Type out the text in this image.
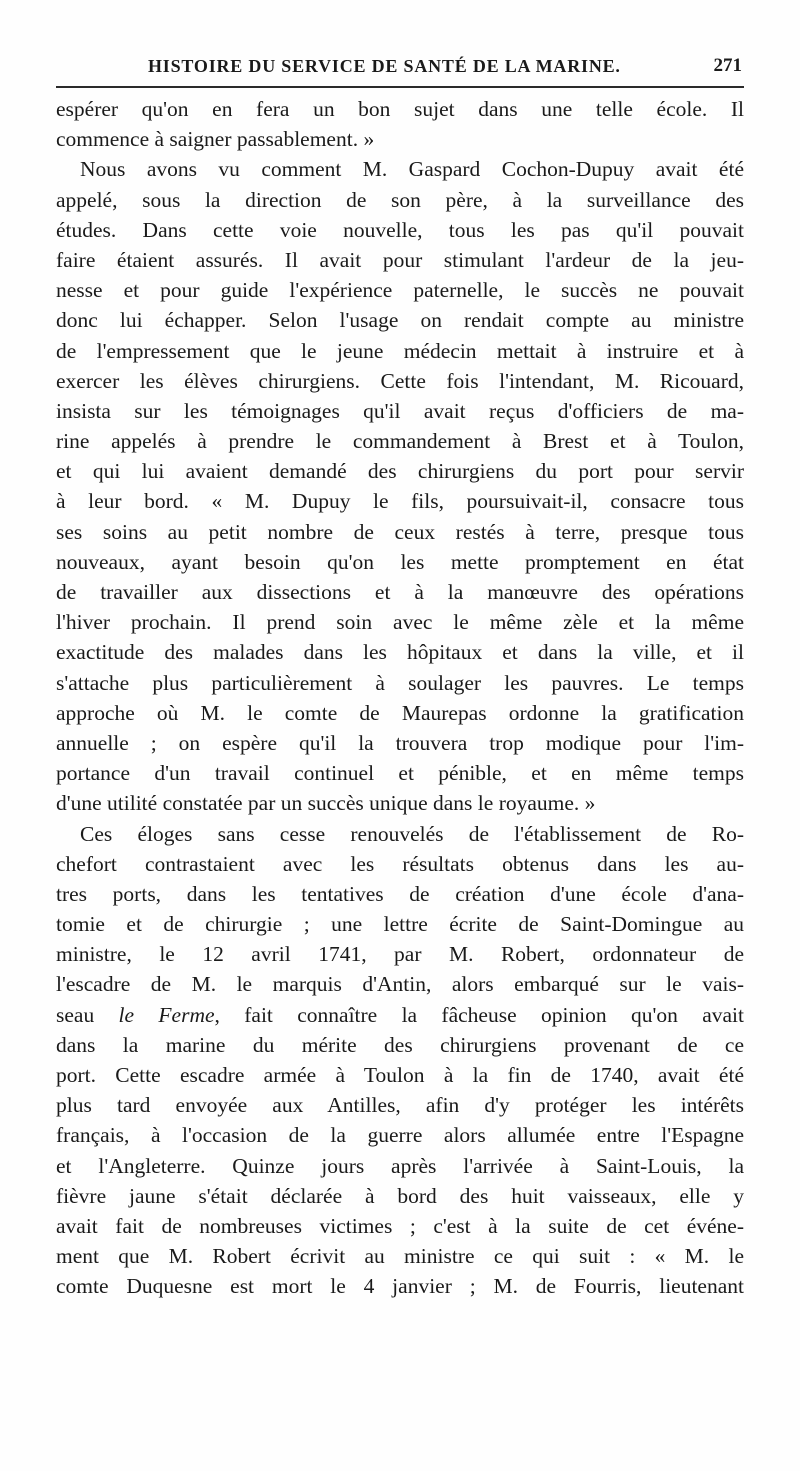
HISTOIRE DU SERVICE DE SANTÉ DE LA MARINE.	271
espérer qu'on en fera un bon sujet dans une telle école. Il
commence à saigner passablement. »
Nous avons vu comment M. Gaspard Cochon-Dupuy avait été
appelé, sous la direction de son père, à la surveillance des
études. Dans cette voie nouvelle, tous les pas qu'il pouvait
faire étaient assurés. Il avait pour stimulant l'ardeur de la jeu-
nesse et pour guide l'expérience paternelle, le succès ne pouvait
donc lui échapper. Selon l'usage on rendait compte au ministre
de l'empressement que le jeune médecin mettait à instruire et à
exercer les élèves chirurgiens. Cette fois l'intendant, M. Ricouard,
insista sur les témoignages qu'il avait reçus d'officiers de ma-
rine appelés à prendre le commandement à Brest et à Toulon,
et qui lui avaient demandé des chirurgiens du port pour servir
à leur bord. « M. Dupuy le fils, poursuivait-il, consacre tous
ses soins au petit nombre de ceux restés à terre, presque tous
nouveaux, ayant besoin qu'on les mette promptement en état
de travailler aux dissections et à la manœuvre des opérations
l'hiver prochain. Il prend soin avec le même zèle et la même
exactitude des malades dans les hôpitaux et dans la ville, et il
s'attache plus particulièrement à soulager les pauvres. Le temps
approche où M. le comte de Maurepas ordonne la gratification
annuelle ; on espère qu'il la trouvera trop modique pour l'im-
portance d'un travail continuel et pénible, et en même temps
d'une utilité constatée par un succès unique dans le royaume. »
Ces éloges sans cesse renouvelés de l'établissement de Ro-
chefort contrastaient avec les résultats obtenus dans les au-
tres ports, dans les tentatives de création d'une école d'ana-
tomie et de chirurgie ; une lettre écrite de Saint-Domingue au
ministre, le 12 avril 1741, par M. Robert, ordonnateur de
l'escadre de M. le marquis d'Antin, alors embarqué sur le vais-
seau le Ferme, fait connaître la fâcheuse opinion qu'on avait
dans la marine du mérite des chirurgiens provenant de ce
port. Cette escadre armée à Toulon à la fin de 1740, avait été
plus tard envoyée aux Antilles, afin d'y protéger les intérêts
français, à l'occasion de la guerre alors allumée entre l'Espagne
et l'Angleterre. Quinze jours après l'arrivée à Saint-Louis, la
fièvre jaune s'était déclarée à bord des huit vaisseaux, elle y
avait fait de nombreuses victimes ; c'est à la suite de cet événe-
ment que M. Robert écrivit au ministre ce qui suit : « M. le
comte Duquesne est mort le 4 janvier ; M. de Fourris, lieutenant
